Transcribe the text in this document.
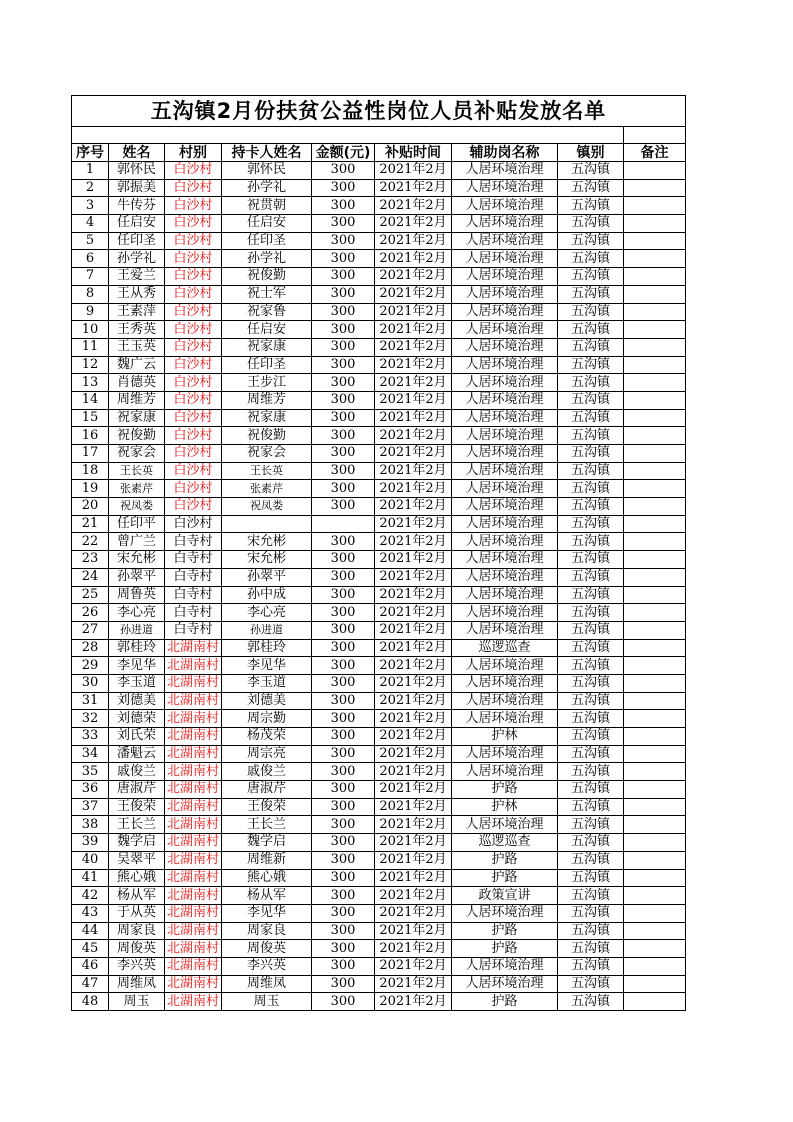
五沟镇2月份扶贫公益性岗位人员补贴发放名单								

序号	姓名	村别	持卡人姓名	金额(元)	补贴时间	辅助岗名称	镇别	备注
1	郭怀民	白沙村	郭怀民	300	2021年2月	人居环境治理	五沟镇	
2	郭振美	白沙村	孙学礼	300	2021年2月	人居环境治理	五沟镇	
3	牛传芬	白沙村	祝贯朝	300	2021年2月	人居环境治理	五沟镇	
4	任启安	白沙村	任启安	300	2021年2月	人居环境治理	五沟镇	
5	任印圣	白沙村	任印圣	300	2021年2月	人居环境治理	五沟镇	
6	孙学礼	白沙村	孙学礼	300	2021年2月	人居环境治理	五沟镇	
7	王爱兰	白沙村	祝俊勤	300	2021年2月	人居环境治理	五沟镇	
8	王从秀	白沙村	祝士军	300	2021年2月	人居环境治理	五沟镇	
9	王素萍	白沙村	祝家鲁	300	2021年2月	人居环境治理	五沟镇	
10	王秀英	白沙村	任启安	300	2021年2月	人居环境治理	五沟镇	
11	王玉英	白沙村	祝家康	300	2021年2月	人居环境治理	五沟镇	
12	魏广云	白沙村	任印圣	300	2021年2月	人居环境治理	五沟镇	
13	肖德英	白沙村	王步江	300	2021年2月	人居环境治理	五沟镇	
14	周维芳	白沙村	周维芳	300	2021年2月	人居环境治理	五沟镇	
15	祝家康	白沙村	祝家康	300	2021年2月	人居环境治理	五沟镇	
16	祝俊勤	白沙村	祝俊勤	300	2021年2月	人居环境治理	五沟镇	
17	祝家会	白沙村	祝家会	300	2021年2月	人居环境治理	五沟镇	
18	王长英	白沙村	王长英	300	2021年2月	人居环境治理	五沟镇	
19	张素芹	白沙村	张素芹	300	2021年2月	人居环境治理	五沟镇	
20	祝凤娄	白沙村	祝凤娄	300	2021年2月	人居环境治理	五沟镇	
21	任印平	白沙村			2021年2月	人居环境治理	五沟镇	
22	曾广兰	白寺村	宋允彬	300	2021年2月	人居环境治理	五沟镇	
23	宋允彬	白寺村	宋允彬	300	2021年2月	人居环境治理	五沟镇	
24	孙翠平	白寺村	孙翠平	300	2021年2月	人居环境治理	五沟镇	
25	周鲁英	白寺村	孙中成	300	2021年2月	人居环境治理	五沟镇	
26	李心亮	白寺村	李心亮	300	2021年2月	人居环境治理	五沟镇	
27	孙进道	白寺村	孙进道	300	2021年2月	人居环境治理	五沟镇	
28	郭桂玲	北湖南村	郭桂玲	300	2021年2月	巡逻巡查	五沟镇	
29	李见华	北湖南村	李见华	300	2021年2月	人居环境治理	五沟镇	
30	李玉道	北湖南村	李玉道	300	2021年2月	人居环境治理	五沟镇	
31	刘德美	北湖南村	刘德美	300	2021年2月	人居环境治理	五沟镇	
32	刘德荣	北湖南村	周宗勤	300	2021年2月	人居环境治理	五沟镇	
33	刘氏荣	北湖南村	杨茂荣	300	2021年2月	护林	五沟镇	
34	潘魁云	北湖南村	周宗亮	300	2021年2月	人居环境治理	五沟镇	
35	戚俊兰	北湖南村	戚俊兰	300	2021年2月	人居环境治理	五沟镇	
36	唐淑芹	北湖南村	唐淑芹	300	2021年2月	护路	五沟镇	
37	王俊荣	北湖南村	王俊荣	300	2021年2月	护林	五沟镇	
38	王长兰	北湖南村	王长兰	300	2021年2月	人居环境治理	五沟镇	
39	魏学启	北湖南村	魏学启	300	2021年2月	巡逻巡查	五沟镇	
40	吴翠平	北湖南村	周维新	300	2021年2月	护路	五沟镇	
41	熊心娥	北湖南村	熊心娥	300	2021年2月	护路	五沟镇	
42	杨从军	北湖南村	杨从军	300	2021年2月	政策宣讲	五沟镇	
43	于从英	北湖南村	李见华	300	2021年2月	人居环境治理	五沟镇	
44	周家良	北湖南村	周家良	300	2021年2月	护路	五沟镇	
45	周俊英	北湖南村	周俊英	300	2021年2月	护路	五沟镇	
46	李兴英	北湖南村	李兴英	300	2021年2月	人居环境治理	五沟镇	
47	周维凤	北湖南村	周维凤	300	2021年2月	人居环境治理	五沟镇	
48	周玉	北湖南村	周玉	300	2021年2月	护路	五沟镇	
